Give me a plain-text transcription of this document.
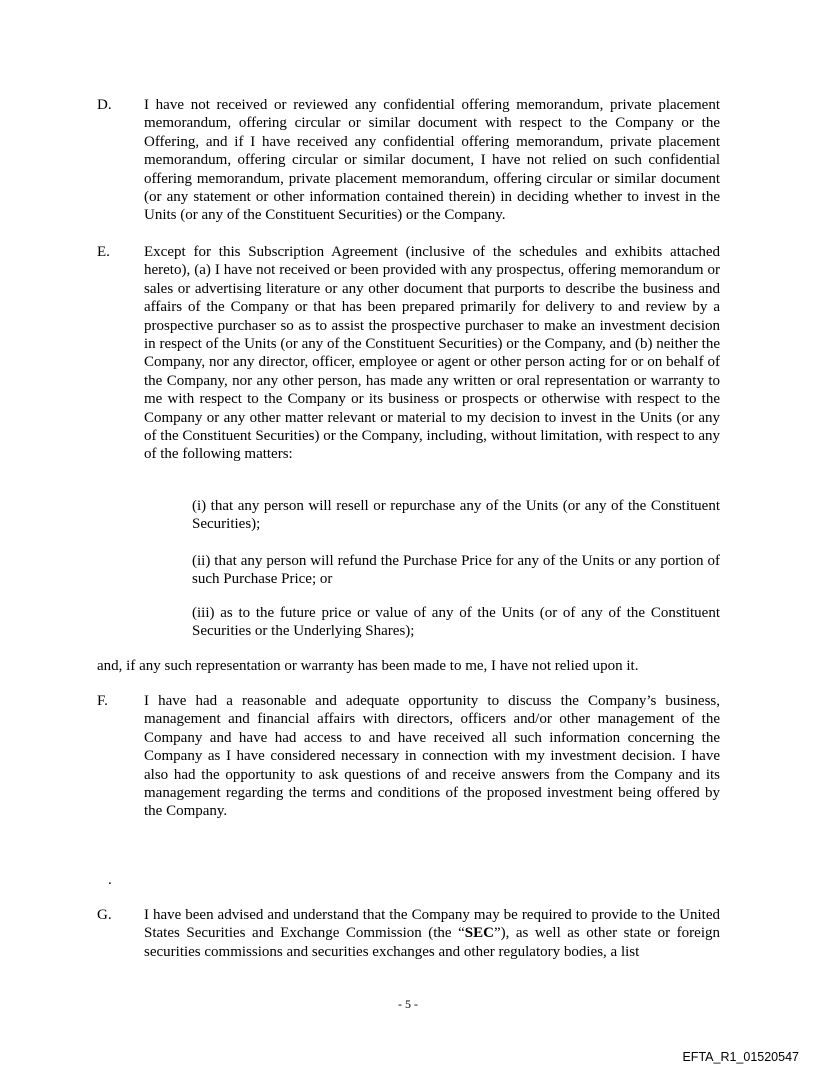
D. I have not received or reviewed any confidential offering memorandum, private placement memorandum, offering circular or similar document with respect to the Company or the Offering, and if I have received any confidential offering memorandum, private placement memorandum, offering circular or similar document, I have not relied on such confidential offering memorandum, private placement memorandum, offering circular or similar document (or any statement or other information contained therein) in deciding whether to invest in the Units (or any of the Constituent Securities) or the Company.
E. Except for this Subscription Agreement (inclusive of the schedules and exhibits attached hereto), (a) I have not received or been provided with any prospectus, offering memorandum or sales or advertising literature or any other document that purports to describe the business and affairs of the Company or that has been prepared primarily for delivery to and review by a prospective purchaser so as to assist the prospective purchaser to make an investment decision in respect of the Units (or any of the Constituent Securities) or the Company, and (b) neither the Company, nor any director, officer, employee or agent or other person acting for or on behalf of the Company, nor any other person, has made any written or oral representation or warranty to me with respect to the Company or its business or prospects or otherwise with respect to the Company or any other matter relevant or material to my decision to invest in the Units (or any of the Constituent Securities) or the Company, including, without limitation, with respect to any of the following matters:
(i) that any person will resell or repurchase any of the Units (or any of the Constituent Securities);
(ii) that any person will refund the Purchase Price for any of the Units or any portion of such Purchase Price; or
(iii) as to the future price or value of any of the Units (or of any of the Constituent Securities or the Underlying Shares);
and, if any such representation or warranty has been made to me, I have not relied upon it.
F. I have had a reasonable and adequate opportunity to discuss the Company’s business, management and financial affairs with directors, officers and/or other management of the Company and have had access to and have received all such information concerning the Company as I have considered necessary in connection with my investment decision. I have also had the opportunity to ask questions of and receive answers from the Company and its management regarding the terms and conditions of the proposed investment being offered by the Company.
.
G. I have been advised and understand that the Company may be required to provide to the United States Securities and Exchange Commission (the “SEC”), as well as other state or foreign securities commissions and securities exchanges and other regulatory bodies, a list
- 5 -
EFTA_R1_01520547
